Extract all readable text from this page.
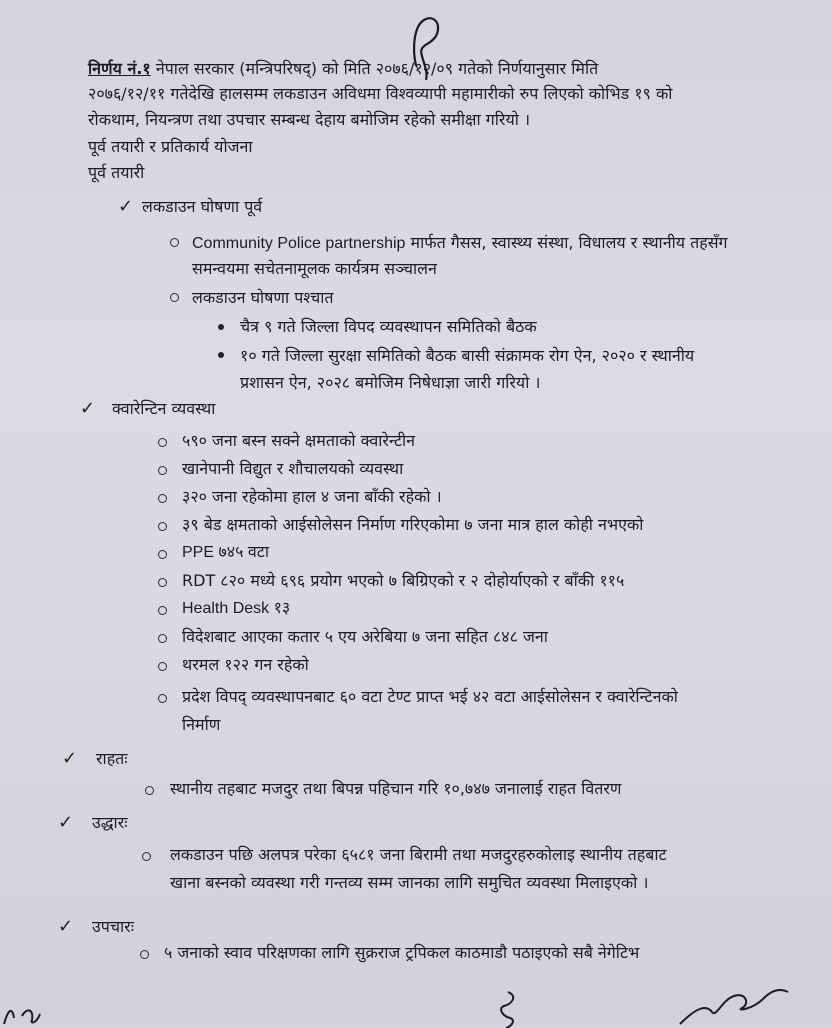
निर्णय नं.१ नेपाल सरकार (मन्त्रिपरिषद्) को मिति २०७६/१२/०९ गतेको निर्णयानुसार मिति
२०७६/१२/११ गतेदेखि हालसम्म लकडाउन अविधमा विश्वव्यापी महामारीको रुप लिएको कोभिड १९ को
रोकथाम, नियन्त्रण तथा उपचार सम्बन्ध देहाय बमोजिम रहेको समीक्षा गरियो ।
पूर्व तयारी र प्रतिकार्य योजना
पूर्व तयारी
✓ लकडाउन घोषणा पूर्व
Community Police partnership मार्फत गैसस, स्वास्थ्य संस्था, विधालय र स्थानीय तहसँग
समन्वयमा सचेतनामूलक कार्यत्रम सञ्चालन
लकडाउन घोषणा पश्चात
चैत्र ९ गते जिल्ला विपद व्यवस्थापन समितिको बैठक
१० गते जिल्ला सुरक्षा समितिको बैठक बासी संक्रामक रोग ऐन, २०२० र स्थानीय
प्रशासन ऐन, २०२८ बमोजिम निषेधाज्ञा जारी गरियो ।
✓ क्वारेन्टिन व्यवस्था
५९० जना बस्न सक्ने क्षमताको क्वारेन्टीन
खानेपानी विद्युत र शौचालयको व्यवस्था
३२० जना रहेकोमा हाल ४ जना बाँकी रहेको ।
३९ बेड क्षमताको आईसोलेसन निर्माण गरिएकोमा ७ जना मात्र हाल कोही नभएको
PPE ७४५ वटा
RDT ८२० मध्ये ६९६ प्रयोग भएको ७ बिग्रिएको र २ दोहोर्याएको र बाँकी ११५
Health Desk १३
विदेशबाट आएका कतार ५ एय अरेबिया ७ जना सहित ८४८ जना
थरमल १२२ गन रहेको
प्रदेश विपद् व्यवस्थापनबाट ६० वटा टेण्ट प्राप्त भई ४२ वटा आईसोलेसन र क्वारेन्टिनको
निर्माण
✓ राहतः
स्थानीय तहबाट मजदुर तथा बिपन्न पहिचान गरि १०,७४७ जनालाई राहत वितरण
✓ उद्धारः
लकडाउन पछि अलपत्र परेका ६५८१ जना बिरामी तथा मजदुरहरुकोलाइ स्थानीय तहबाट
खाना बस्नको व्यवस्था गरी गन्तव्य सम्म जानका लागि समुचित व्यवस्था मिलाइएको ।
✓ उपचारः
५ जनाको स्वाव परिक्षणका लागि सुक्रराज ट्रपिकल काठमाडौ पठाइएको सबै नेगेटिभ
